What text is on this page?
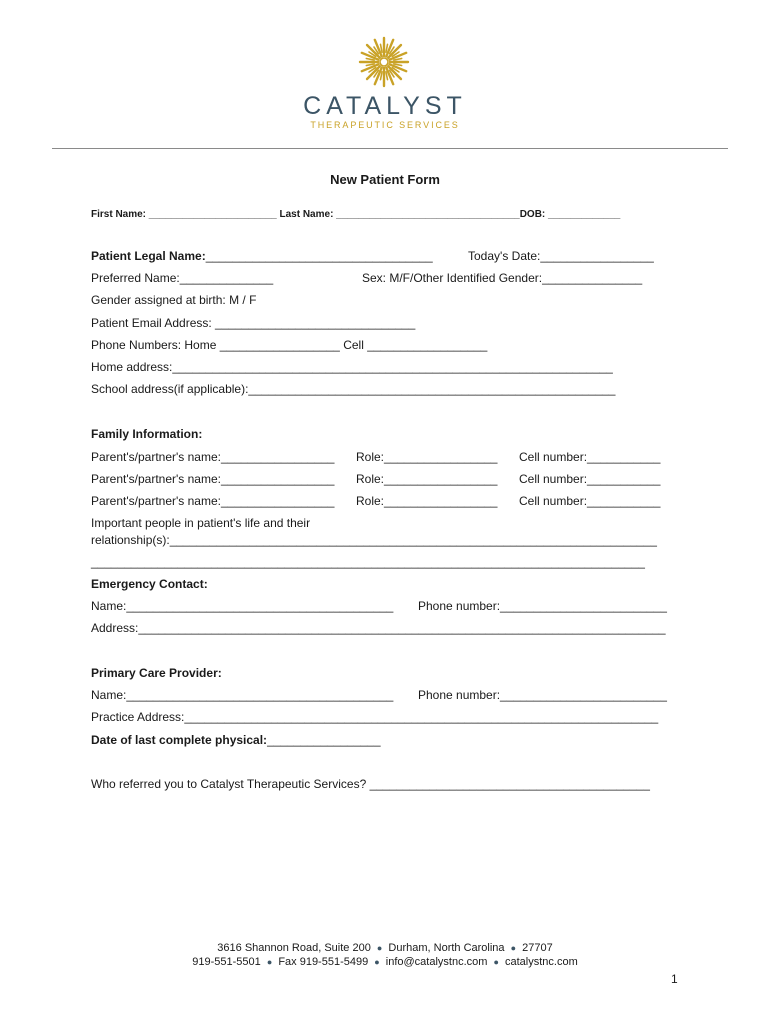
CATALYST
THERAPEUTIC SERVICES
New Patient Form
First Name: _______________________ Last Name: _________________________________DOB: _____________
Patient Legal Name:__________________________________	Today's Date:_________________
Preferred Name:______________	Sex: M/F/Other Identified Gender:_______________
Gender assigned at birth: M / F
Patient Email Address: ______________________________
Phone Numbers: Home __________________ Cell __________________
Home address:__________________________________________________________________
School address(if applicable):_______________________________________________________
Family Information:
Parent's/partner's name:_________________ Role:_________________ Cell number:___________
Parent's/partner's name:_________________ Role:_________________ Cell number:___________
Parent's/partner's name:_________________ Role:_________________ Cell number:___________
Important people in patient's life and their
relationship(s):_________________________________________________________________________
___________________________________________________________________________________
Emergency Contact:
Name:________________________________________ Phone number:_________________________
Address:_______________________________________________________________________________
Primary Care Provider:
Name:________________________________________ Phone number:_________________________
Practice Address:_______________________________________________________________________
Date of last complete physical:_________________
Who referred you to Catalyst Therapeutic Services? __________________________________________
3616 Shannon Road, Suite 200 ● Durham, North Carolina ● 27707
919-551-5501 ● Fax 919-551-5499 ● info@catalystnc.com ● catalystnc.com
1
